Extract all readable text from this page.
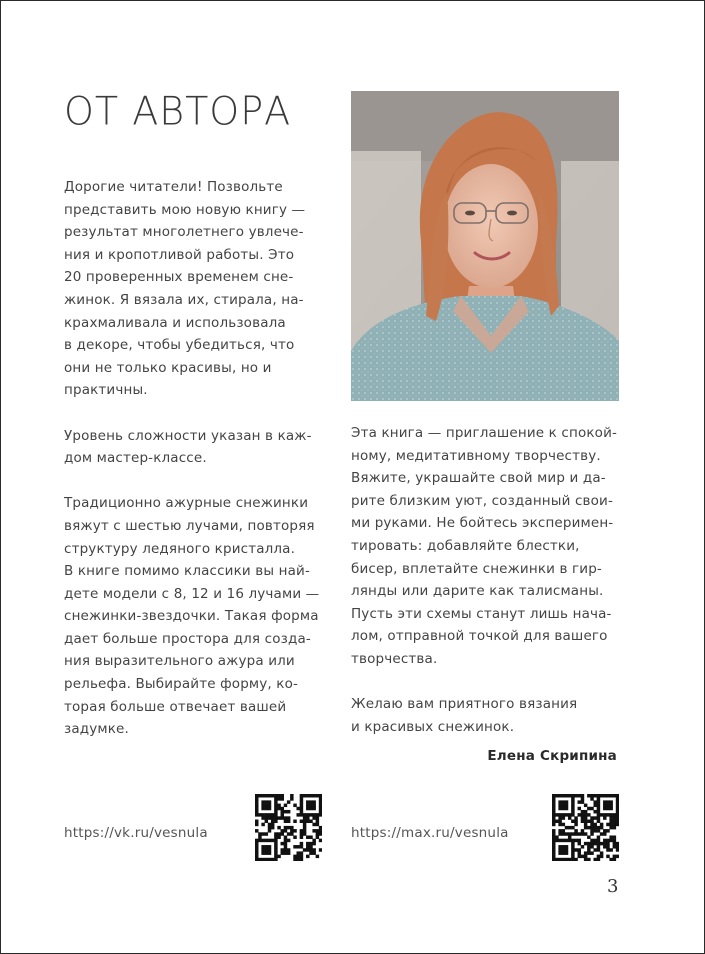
ОТ АВТОРА
Дорогие читатели! Позвольте
представить мою новую книгу —
результат многолетнего увлече-
ния и кропотливой работы. Это
20 проверенных временем сне-
жинок. Я вязала их, стирала, на-
крахмаливала и использовала
в декоре, чтобы убедиться, что
они не только красивы, но и
практичны.
Уровень сложности указан в каж-
дом мастер-классе.
Традиционно ажурные снежинки
вяжут с шестью лучами, повторяя
структуру ледяного кристалла.
В книге помимо классики вы най-
дете модели с 8, 12 и 16 лучами —
снежинки-звездочки. Такая форма
дает больше простора для созда-
ния выразительного ажура или
рельефа. Выбирайте форму, ко-
торая больше отвечает вашей
задумке.
Эта книга — приглашение к спокой-
ному, медитативному творчеству.
Вяжите, украшайте свой мир и да-
рите близким уют, созданный свои-
ми руками. Не бойтесь эксперимен-
тировать: добавляйте блестки,
бисер, вплетайте снежинки в гир-
лянды или дарите как талисманы.
Пусть эти схемы станут лишь нача-
лом, отправной точкой для вашего
творчества.
Желаю вам приятного вязания
и красивых снежинок.
Елена Скрипина
https://vk.ru/vesnula	https://max.ru/vesnula
3
